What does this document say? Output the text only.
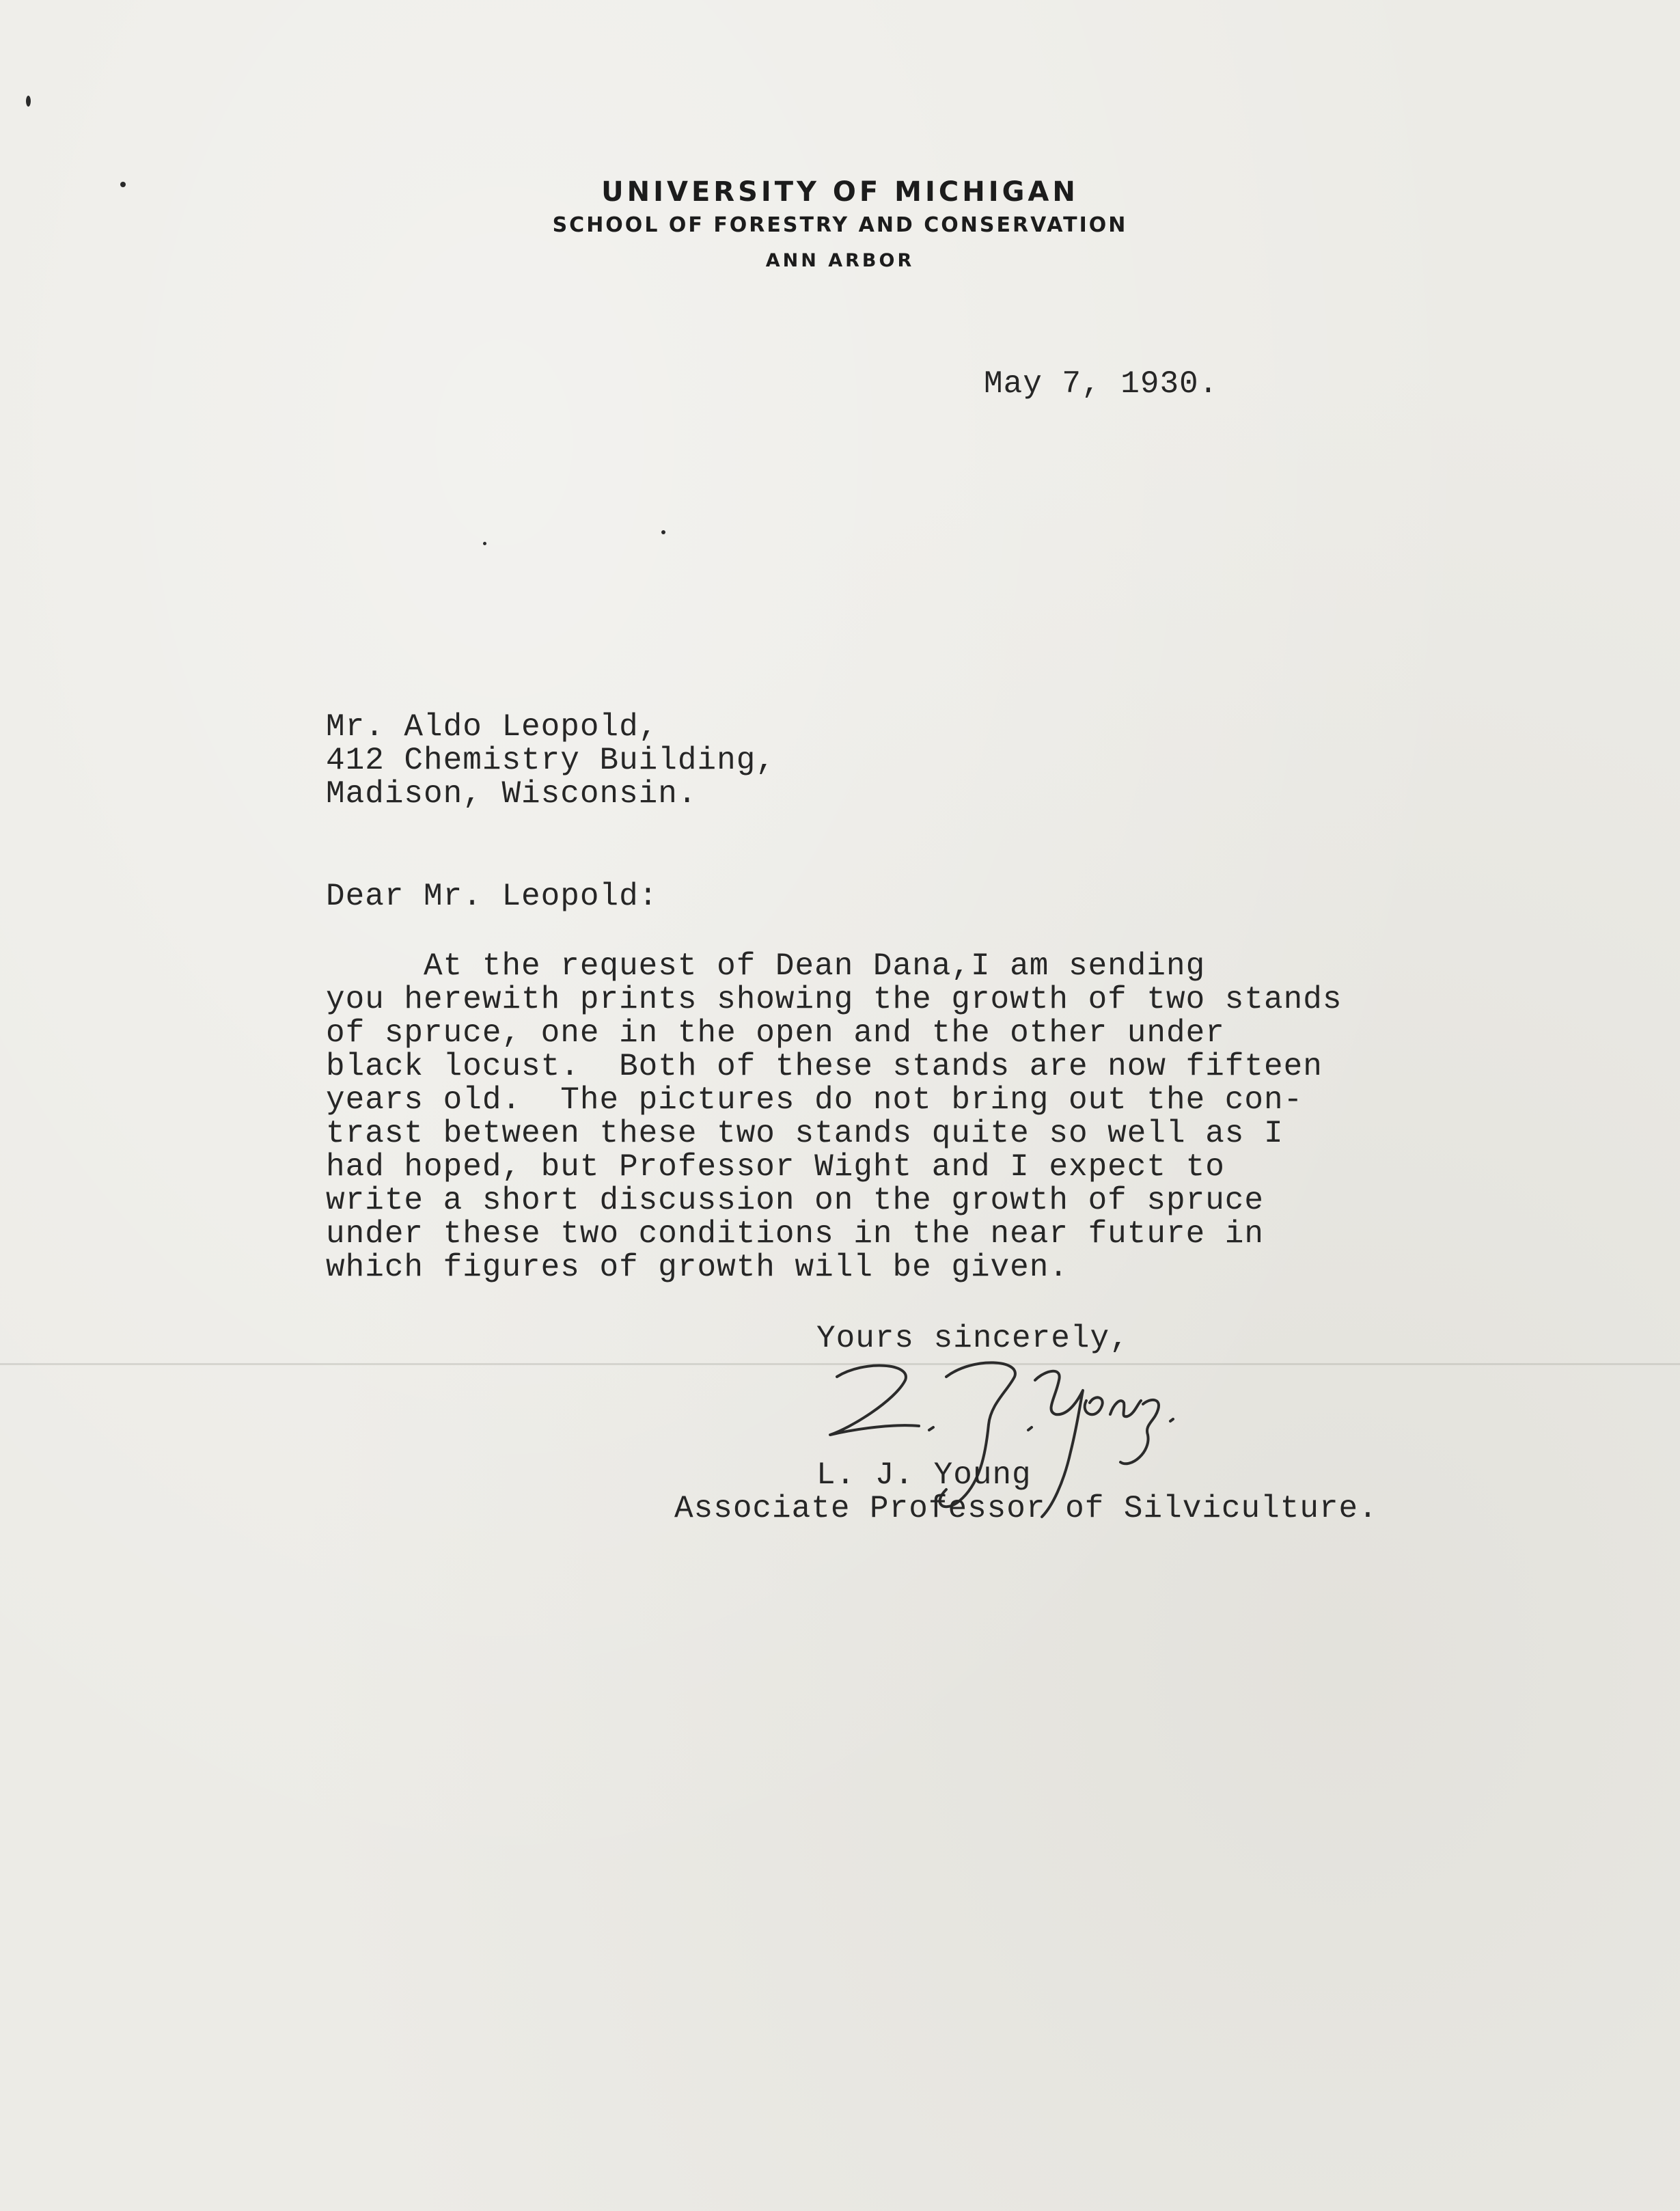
UNIVERSITY OF MICHIGAN
SCHOOL OF FORESTRY AND CONSERVATION
ANN ARBOR
May 7, 1930.
Mr. Aldo Leopold,
412 Chemistry Building,
Madison, Wisconsin.
Dear Mr. Leopold:
At the request of Dean Dana,I am sending
you herewith prints showing the growth of two stands
of spruce, one in the open and the other under
black locust.  Both of these stands are now fifteen
years old.  The pictures do not bring out the con-
trast between these two stands quite so well as I
had hoped, but Professor Wight and I expect to
write a short discussion on the growth of spruce
under these two conditions in the near future in
which figures of growth will be given.
Yours sincerely,
L. J. Young
Associate Professor of Silviculture.
